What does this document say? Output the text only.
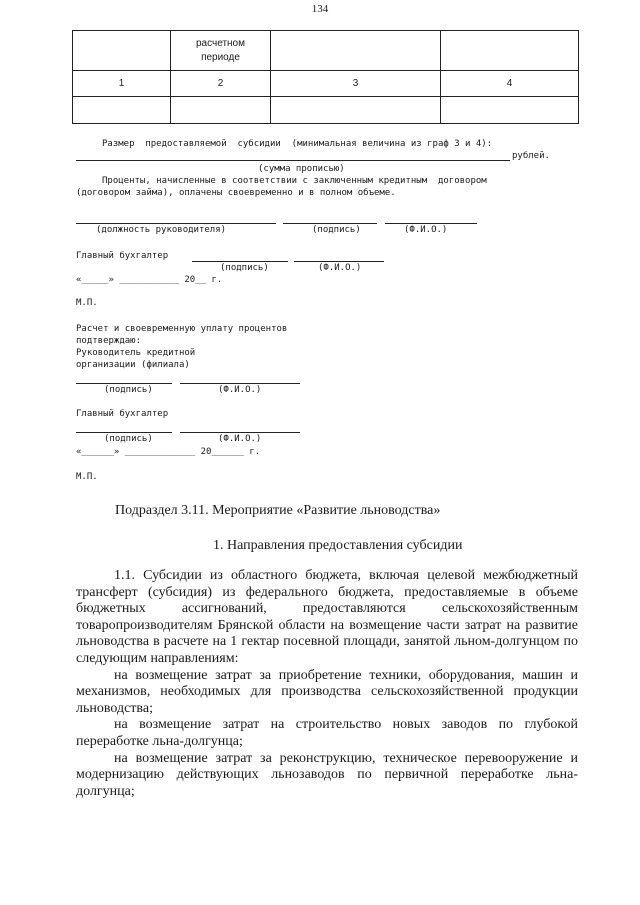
134
	расчетном
периоде		
1	2	3	4

Размер  предоставляемой  субсидии  (минимальная величина из граф 3 и 4):
рублей.
(сумма прописью)
Проценты, начисленные в соответствии с заключенным кредитным  договором
(договором займа), оплачены своевременно и в полном объеме.
(должность руководителя)	(подпись)	(Ф.И.О.)
Главный бухгалтер
(подпись)	(Ф.И.О.)
«_____» ___________ 20__ г.
М.П.
Расчет и своевременную уплату процентов
подтверждаю:
Руководитель кредитной
организации (филиала)
(подпись)	(Ф.И.О.)
Главный бухгалтер
(подпись)	(Ф.И.О.)
«______» _____________ 20______ г.
М.П.
Подраздел 3.11. Мероприятие «Развитие льноводства»
1. Направления предоставления субсидии

1.1. Субсидии из областного бюджета, включая целевой межбюджетный трансферт (субсидия) из федерального бюджета, предоставляемые в объеме бюджетных ассигнований, предоставляются сельскохозяйственным товаропроизводителям Брянской области на возмещение части затрат на развитие льноводства в расчете на 1 гектар посевной площади, занятой льном-долгунцом по следующим направлениям:

на возмещение затрат за приобретение техники, оборудования, машин и механизмов, необходимых для производства сельскохозяйственной продукции льноводства;

на возмещение затрат на строительство новых заводов по глубокой переработке льна-долгунца;

на возмещение затрат за реконструкцию, техническое перевооружение и модернизацию действующих льнозаводов по первичной переработке льна-долгунца;
